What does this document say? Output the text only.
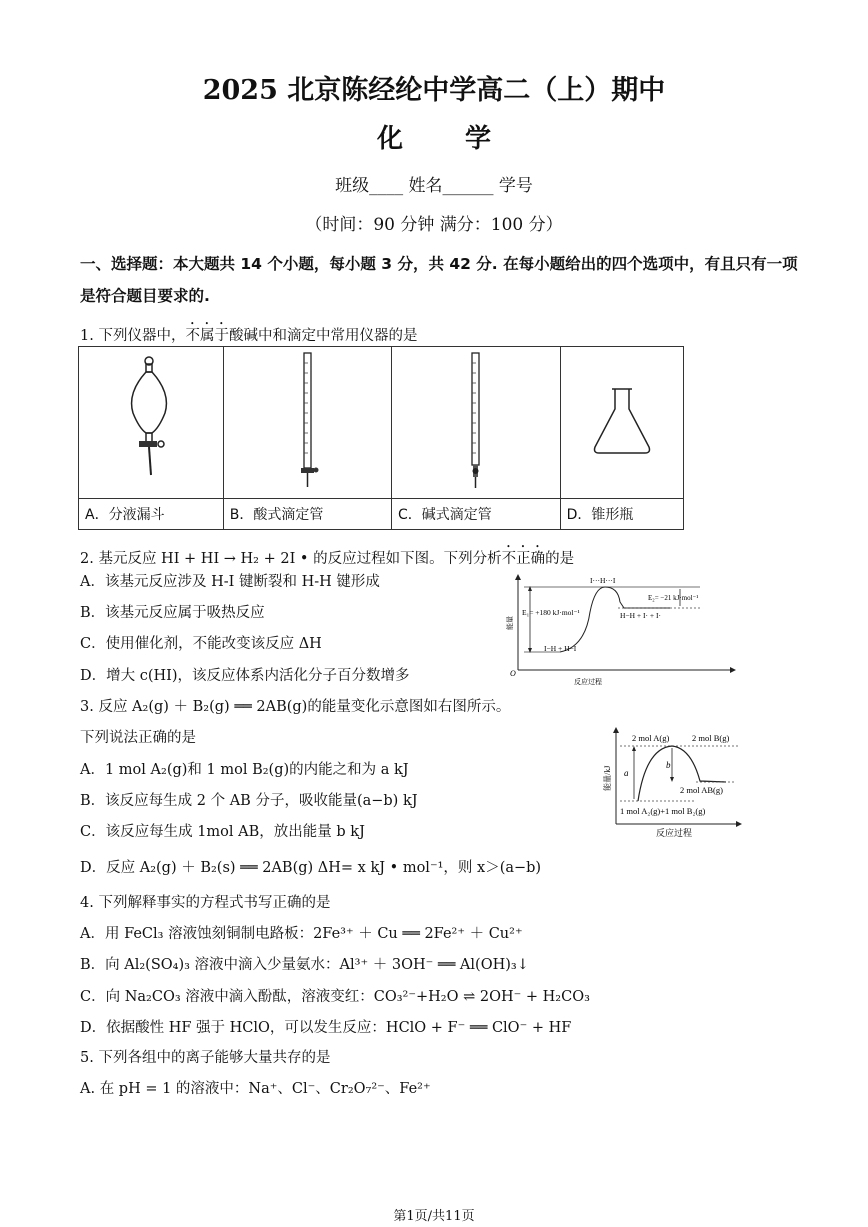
2025 北京陈经纶中学高二（上）期中
化学
班级____ 姓名______ 学号
（时间：90 分钟 满分：100 分）
一、选择题：本大题共 14 个小题，每小题 3 分，共 42 分. 在每小题给出的四个选项中，有且只有一项是符合题目要求的.
1. 下列仪器中，不属于酸碱中和滴定中常用仪器的是

A．分液漏斗	B．酸式滴定管	C．碱式滴定管	D．锥形瓶
2. 基元反应 HI + HI → H₂ + 2I • 的反应过程如下图。下列分析不正确的是
A．该基元反应涉及 H-I 键断裂和 H-H 键形成
B．该基元反应属于吸热反应
C．使用催化剂，不能改变该反应 ΔH
D．增大 c(HI)，该反应体系内活化分子百分数增多	O
能量
反应过程
I···H···I
E₁= +180 kJ·mol⁻¹
E₂= −21 kJ·mol⁻¹
H−H + I· + I·
I−H + H−I
3. 反应 A₂(g) ＋ B₂(g) ══ 2AB(g)的能量变化示意图如右图所示。
下列说法正确的是
A．1 mol A₂(g)和 1 mol B₂(g)的内能之和为 a kJ
B．该反应每生成 2 个 AB 分子，吸收能量(a−b) kJ
C．该反应每生成 1mol AB，放出能量 b kJ
D．反应 A₂(g) ＋ B₂(s) ══ 2AB(g) ΔH= x kJ • mol⁻¹，则 x＞(a−b)
能量/kJ
反应过程
a
b
2 mol A(g)	2 mol B(g)
2 mol AB(g)
1 mol A₂(g)+1 mol B₂(g)
4. 下列解释事实的方程式书写正确的是
A．用 FeCl₃ 溶液蚀刻铜制电路板：2Fe³⁺ ＋ Cu ══ 2Fe²⁺ ＋ Cu²⁺
B．向 Al₂(SO₄)₃ 溶液中滴入少量氨水：Al³⁺ ＋ 3OH⁻ ══ Al(OH)₃↓
C．向 Na₂CO₃ 溶液中滴入酚酞，溶液变红：CO₃²⁻+H₂O ⇌ 2OH⁻ + H₂CO₃
D．依据酸性 HF 强于 HClO，可以发生反应：HClO + F⁻ ══ ClO⁻ + HF
5. 下列各组中的离子能够大量共存的是
A. 在 pH = 1 的溶液中：Na⁺、Cl⁻、Cr₂O₇²⁻、Fe²⁺
第1页/共11页
